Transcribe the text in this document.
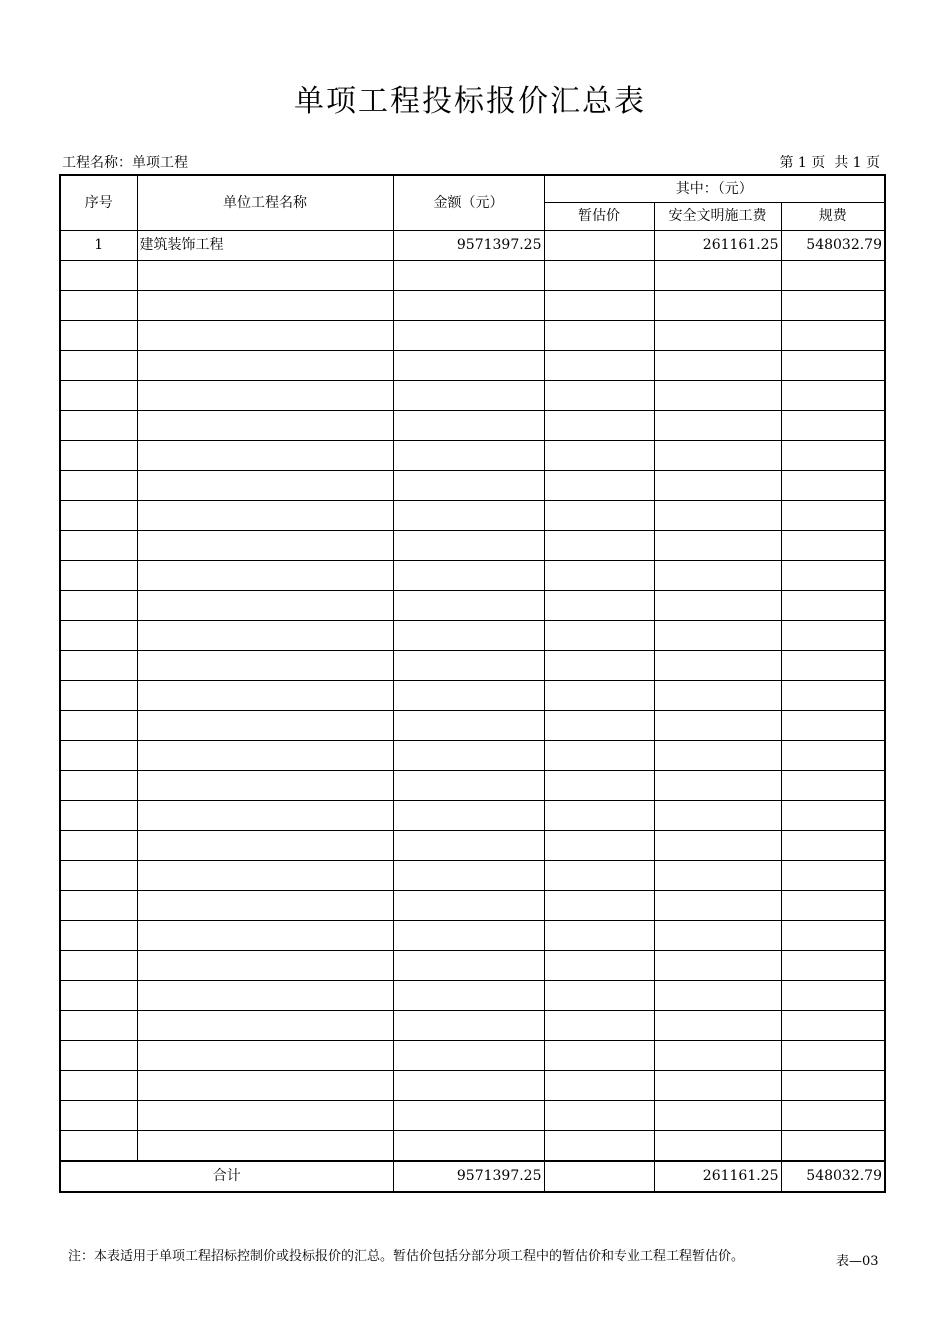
单项工程投标报价汇总表
工程名称：单项工程	第 1 页  共 1 页
序号	单位工程名称	金额（元）	其中：（元）		
			暂估价	安全文明施工费	规费
1	建筑装饰工程	9571397.25		261161.25	548032.79

合计		9571397.25		261161.25	548032.79
注：本表适用于单项工程招标控制价或投标报价的汇总。暂估价包括分部分项工程中的暂估价和专业工程工程暂估价。	表—03
